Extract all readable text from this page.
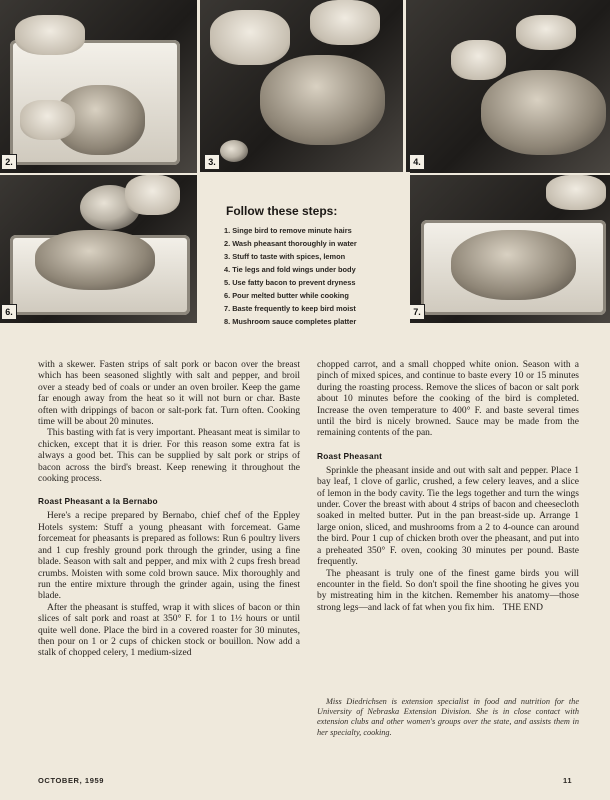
2.	3.	4.
6.	7.
Follow these steps:
1. Singe bird to remove minute hairs
2. Wash pheasant thoroughly in water
3. Stuff to taste with spices, lemon
4. Tie legs and fold wings under body
5. Use fatty bacon to prevent dryness
6. Pour melted butter while cooking
7. Baste frequently to keep bird moist
8. Mushroom sauce completes platter

with a skewer. Fasten strips of salt pork or bacon over the breast which has been seasoned slightly with salt and pepper, and broil over a steady bed of coals or under an oven broiler. Keep the game far enough away from the heat so it will not burn or char. Baste often with drippings of bacon or salt-pork fat. Turn often. Cooking time will be about 20 minutes.

This basting with fat is very important. Pheasant meat is similar to chicken, except that it is drier. For this reason some extra fat is always a good bet. This can be supplied by salt pork or strips of bacon across the bird's breast. Keep renewing it throughout the cooking process.

Roast Pheasant a la Bernabo

Here's a recipe prepared by Bernabo, chief chef of the Eppley Hotels system: Stuff a young pheasant with forcemeat. Game forcemeat for pheasants is prepared as follows: Run 6 poultry livers and 1 cup freshly ground pork through the grinder, using a fine blade. Season with salt and pepper, and mix with 2 cups fresh bread crumbs. Moisten with some cold brown sauce. Mix thoroughly and run the entire mixture through the grinder again, using the finest blade.

After the pheasant is stuffed, wrap it with slices of bacon or thin slices of salt pork and roast at 350° F. for 1 to 1½ hours or until quite well done. Place the bird in a covered roaster for 30 minutes, then pour on 1 or 2 cups of chicken stock or bouillon. Now add a stalk of chopped celery, 1 medium-sized

chopped carrot, and a small chopped white onion. Season with a pinch of mixed spices, and continue to baste every 10 or 15 minutes during the roasting process. Remove the slices of bacon or salt pork about 10 minutes before the cooking of the bird is completed. Increase the oven temperature to 400° F. and baste several times until the bird is nicely browned. Sauce may be made from the remaining contents of the pan.

Roast Pheasant

Sprinkle the pheasant inside and out with salt and pepper. Place 1 bay leaf, 1 clove of garlic, crushed, a few celery leaves, and a slice of lemon in the body cavity. Tie the legs together and turn the wings under. Cover the breast with about 4 strips of bacon and cheesecloth soaked in melted butter. Put in the pan breast-side up. Arrange 1 large onion, sliced, and mushrooms from a 2 to 4-ounce can around the bird. Pour 1 cup of chicken broth over the pheasant, and put into a preheated 350° F. oven, cooking 30 minutes per pound. Baste frequently.

The pheasant is truly one of the finest game birds you will encounter in the field. So don't spoil the fine shooting he gives you by mistreating him in the kitchen. Remember his anatomy—those strong legs—and lack of fat when you fix him. THE END

Miss Diedrichsen is extension specialist in food and nutrition for the University of Nebraska Extension Division. She is in close contact with extension clubs and other women's groups over the state, and assists them in her specialty, cooking.

OCTOBER, 1959	11
